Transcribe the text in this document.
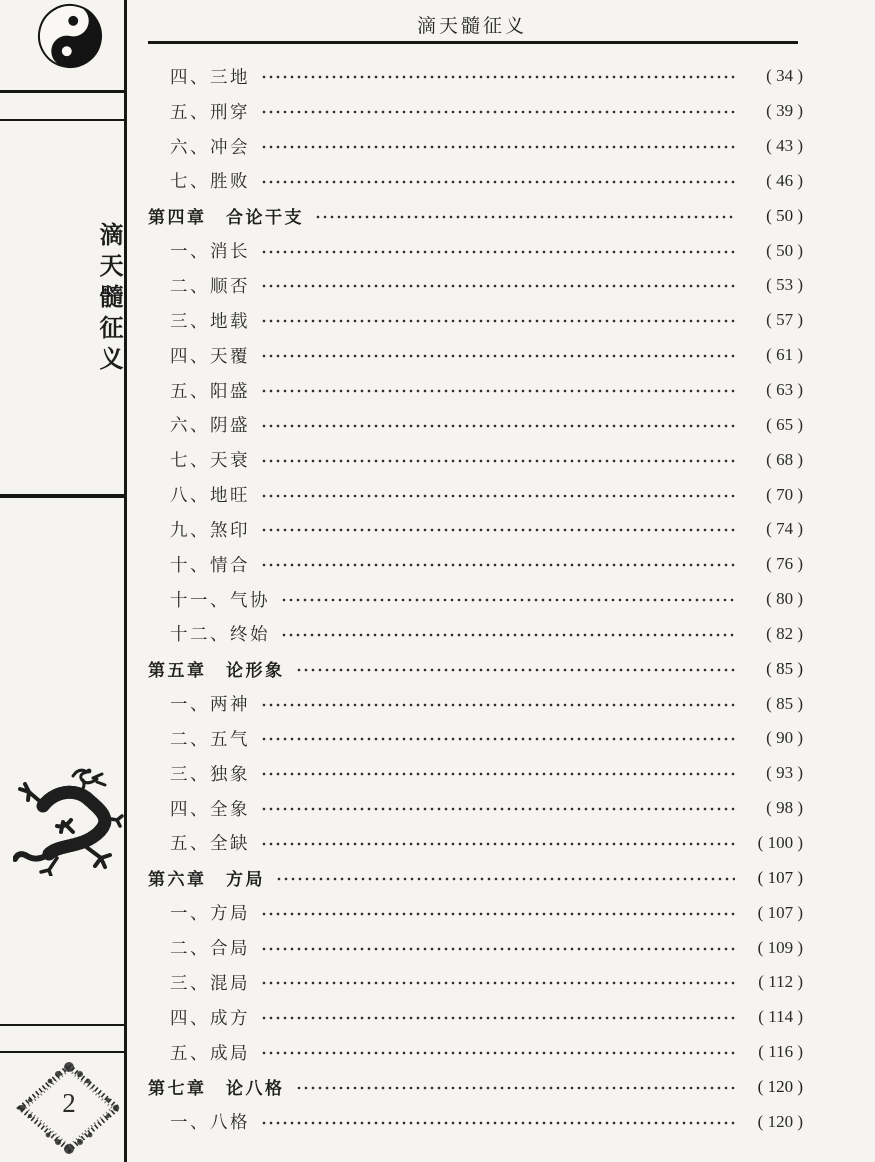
滴天髓征义
2
滴天髓征义
四、三地	( 34 )
五、刑穿	( 39 )
六、冲会	( 43 )
七、胜败	( 46 )
第四章　合论干支	( 50 )
一、消长	( 50 )
二、顺否	( 53 )
三、地载	( 57 )
四、天覆	( 61 )
五、阳盛	( 63 )
六、阴盛	( 65 )
七、天衰	( 68 )
八、地旺	( 70 )
九、煞印	( 74 )
十、情合	( 76 )
十一、气协	( 80 )
十二、终始	( 82 )
第五章　论形象	( 85 )
一、两神	( 85 )
二、五气	( 90 )
三、独象	( 93 )
四、全象	( 98 )
五、全缺	( 100 )
第六章　方局	( 107 )
一、方局	( 107 )
二、合局	( 109 )
三、混局	( 112 )
四、成方	( 114 )
五、成局	( 116 )
第七章　论八格	( 120 )
一、八格	( 120 )
